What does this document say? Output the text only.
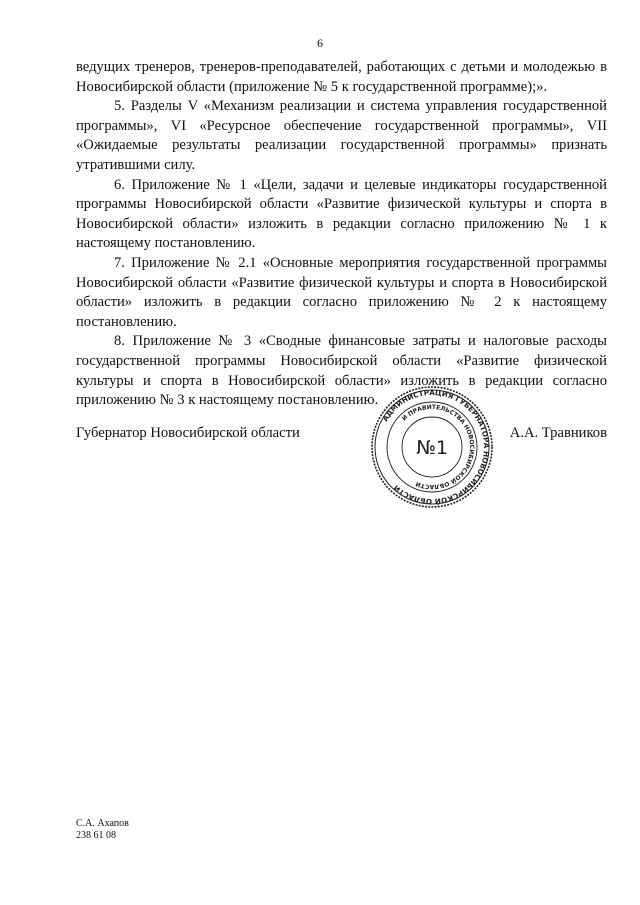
6

ведущих тренеров, тренеров-преподавателей, работающих с детьми и молодежью в Новосибирской области (приложение № 5 к государственной программе);».

5. Разделы V «Механизм реализации и система управления государственной программы», VI «Ресурсное обеспечение государственной программы», VII «Ожидаемые результаты реализации государственной программы» признать утратившими силу.

6. Приложение № 1 «Цели, задачи и целевые индикаторы государственной программы Новосибирской области «Развитие физической культуры и спорта в Новосибирской области» изложить в редакции согласно приложению № 1 к настоящему постановлению.

7. Приложение № 2.1 «Основные мероприятия государственной программы Новосибирской области «Развитие физической культуры и спорта в Новосибирской области» изложить в редакции согласно приложению № 2 к настоящему постановлению.

8. Приложение № 3 «Сводные финансовые затраты и налоговые расходы государственной программы Новосибирской области «Развитие физической культуры и спорта в Новосибирской области» изложить в редакции согласно приложению № 3 к настоящему постановлению.

Губернатор Новосибирской области	А.А. Травников
АДМИНИСТРАЦИЯ ГУБЕРНАТОРА НОВОСИБИРСКОЙ ОБЛАСТИ
И ПРАВИТЕЛЬСТВА НОВОСИБИРСКОЙ ОБЛАСТИ
№1
С.А. Ахапов
238 61 08
